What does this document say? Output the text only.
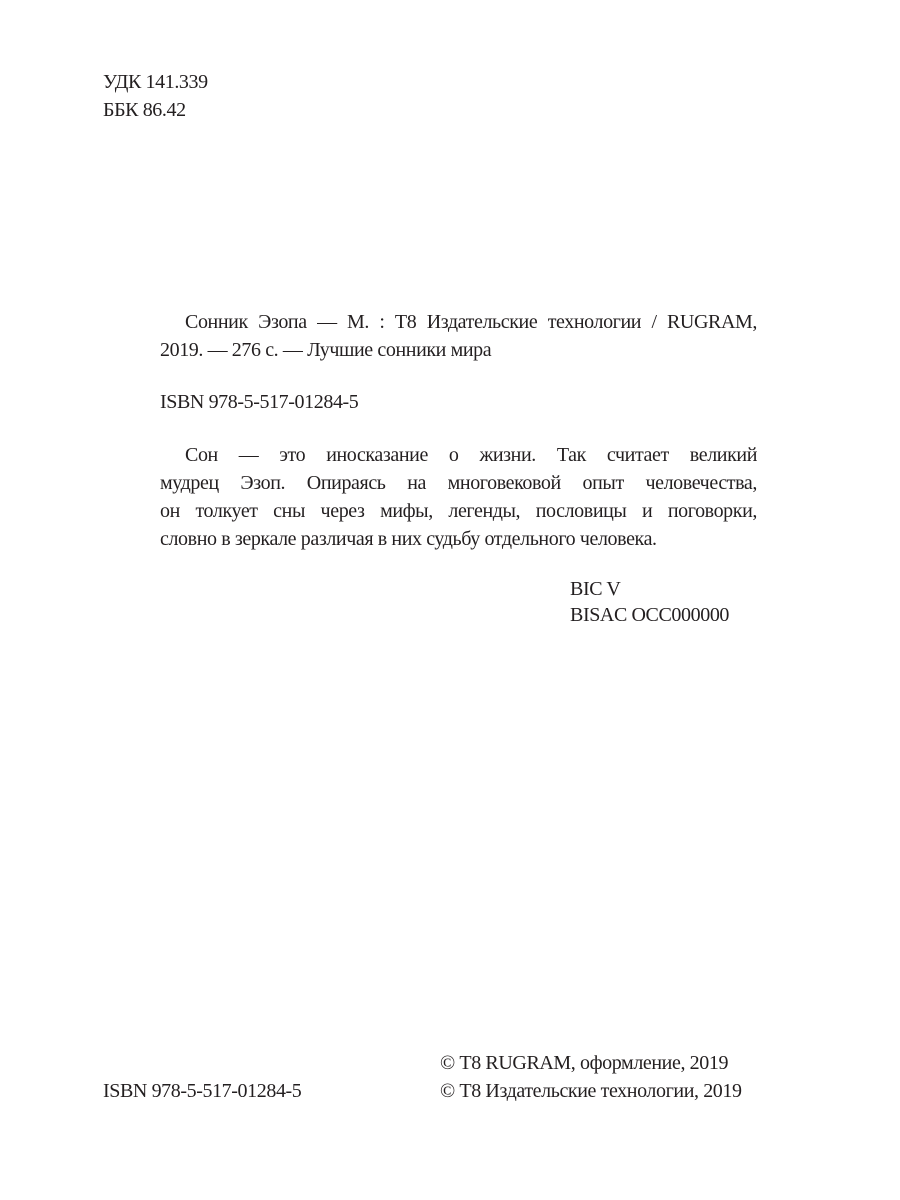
УДК 141.339
ББК 86.42
Сонник Эзопа — М. : Т8 Издательские технологии / RUGRAM,
2019. — 276 с. — Лучшие сонники мира
ISBN 978-5-517-01284-5
Сон — это иносказание о жизни. Так считает великий
мудрец Эзоп. Опираясь на многовековой опыт человечества,
он толкует сны через мифы, легенды, пословицы и поговорки,
словно в зеркале различая в них судьбу отдельного человека.
BIC V
BISAC OCC000000
ISBN 978-5-517-01284-5
© Т8 RUGRAM, оформление, 2019
© Т8 Издательские технологии, 2019
